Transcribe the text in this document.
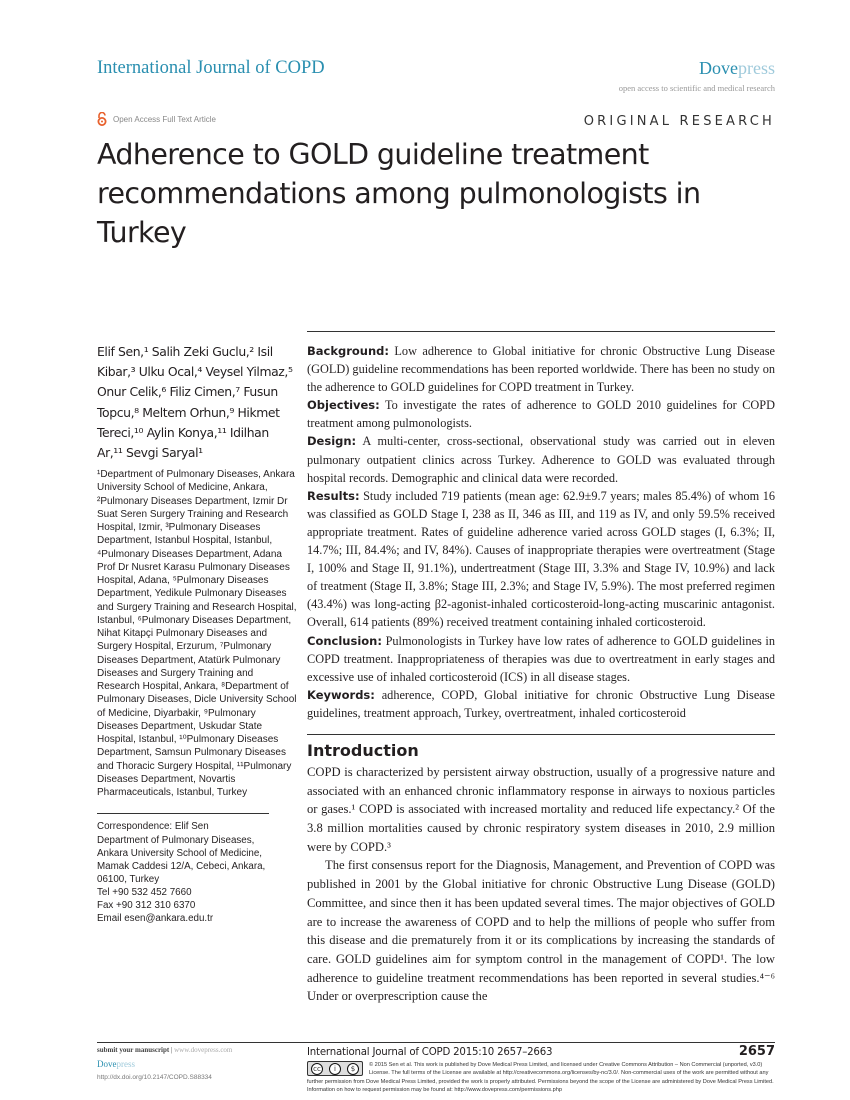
International Journal of COPD	Dovepress
open access to scientific and medical research
Open Access Full Text Article	ORIGINAL RESEARCH
Adherence to GOLD guideline treatment recommendations among pulmonologists in Turkey
Elif Sen,¹ Salih Zeki Guclu,² Isil Kibar,³ Ulku Ocal,⁴ Veysel Yilmaz,⁵ Onur Celik,⁶ Filiz Cimen,⁷ Fusun Topcu,⁸ Meltem Orhun,⁹ Hikmet Tereci,¹⁰ Aylin Konya,¹¹ Idilhan Ar,¹¹ Sevgi Saryal¹
¹Department of Pulmonary Diseases, Ankara University School of Medicine, Ankara, ²Pulmonary Diseases Department, Izmir Dr Suat Seren Surgery Training and Research Hospital, Izmir, ³Pulmonary Diseases Department, Istanbul Hospital, Istanbul, ⁴Pulmonary Diseases Department, Adana Prof Dr Nusret Karasu Pulmonary Diseases Hospital, Adana, ⁵Pulmonary Diseases Department, Yedikule Pulmonary Diseases and Surgery Training and Research Hospital, Istanbul, ⁶Pulmonary Diseases Department, Nihat Kitapçi Pulmonary Diseases and Surgery Hospital, Erzurum, ⁷Pulmonary Diseases Department, Atatürk Pulmonary Diseases and Surgery Training and Research Hospital, Ankara, ⁸Department of Pulmonary Diseases, Dicle University School of Medicine, Diyarbakir, ⁹Pulmonary Diseases Department, Uskudar State Hospital, Istanbul, ¹⁰Pulmonary Diseases Department, Samsun Pulmonary Diseases and Thoracic Surgery Hospital, ¹¹Pulmonary Diseases Department, Novartis Pharmaceuticals, Istanbul, Turkey
Correspondence: Elif Sen
Department of Pulmonary Diseases,
Ankara University School of Medicine,
Mamak Caddesi 12/A, Cebeci, Ankara,
06100, Turkey
Tel +90 532 452 7660
Fax +90 312 310 6370
Email esen@ankara.edu.tr

Background: Low adherence to Global initiative for chronic Obstructive Lung Disease (GOLD) guideline recommendations has been reported worldwide. There has been no study on the adherence to GOLD guidelines for COPD treatment in Turkey.

Objectives: To investigate the rates of adherence to GOLD 2010 guidelines for COPD treatment among pulmonologists.

Design: A multi-center, cross-sectional, observational study was carried out in eleven pulmonary outpatient clinics across Turkey. Adherence to GOLD was evaluated through hospital records. Demographic and clinical data were recorded.

Results: Study included 719 patients (mean age: 62.9±9.7 years; males 85.4%) of whom 16 was classified as GOLD Stage I, 238 as II, 346 as III, and 119 as IV, and only 59.5% received appropriate treatment. Rates of guideline adherence varied across GOLD stages (I, 6.3%; II, 14.7%; III, 84.4%; and IV, 84%). Causes of inappropriate therapies were overtreatment (Stage I, 100% and Stage II, 91.1%), undertreatment (Stage III, 3.3% and Stage IV, 10.9%) and lack of treatment (Stage II, 3.8%; Stage III, 2.3%; and Stage IV, 5.9%). The most preferred regimen (43.4%) was long-acting β2-agonist-inhaled corticosteroid-long-acting muscarinic antagonist. Overall, 614 patients (89%) received treatment containing inhaled corticosteroid.

Conclusion: Pulmonologists in Turkey have low rates of adherence to GOLD guidelines in COPD treatment. Inappropriateness of therapies was due to overtreatment in early stages and excessive use of inhaled corticosteroid (ICS) in all disease stages.

Keywords: adherence, COPD, Global initiative for chronic Obstructive Lung Disease guidelines, treatment approach, Turkey, overtreatment, inhaled corticosteroid

Introduction

COPD is characterized by persistent airway obstruction, usually of a progressive nature and associated with an enhanced chronic inflammatory response in airways to noxious particles or gases.¹ COPD is associated with increased mortality and reduced life expectancy.² Of the 3.8 million mortalities caused by chronic respiratory system diseases in 2010, 2.9 million were by COPD.³

The first consensus report for the Diagnosis, Management, and Prevention of COPD was published in 2001 by the Global initiative for chronic Obstructive Lung Disease (GOLD) Committee, and since then it has been updated several times. The major objectives of GOLD are to increase the awareness of COPD and to help the millions of people who suffer from this disease and die prematurely from it or its complications by increasing the standards of care. GOLD guidelines aim for symptom control in the management of COPD¹. The low adherence to guideline treatment recommendations has been reported in several studies.⁴⁻⁶ Under or overprescription cause the

submit your manuscript | www.dovepress.com
Dovepress
http://dx.doi.org/10.2147/COPD.S88334
International Journal of COPD 2015:10 2657–2663	2657
cc	i	$	© 2015 Sen et al. This work is published by Dove Medical Press Limited, and licensed under Creative Commons Attribution – Non Commercial (unported, v3.0) License. The full terms of the License are available at http://creativecommons.org/licenses/by-nc/3.0/. Non-commercial uses of the work are permitted without any further permission from Dove Medical Press Limited, provided the work is properly attributed. Permissions beyond the scope of the License are administered by Dove Medical Press Limited. Information on how to request permission may be found at: http://www.dovepress.com/permissions.php
